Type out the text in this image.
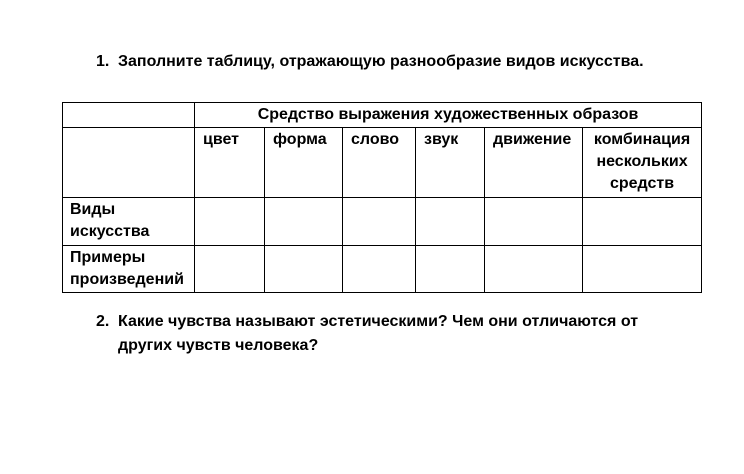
1. Заполните таблицу, отражающую разнообразие видов искусства.
	Средство выражения художественных образов					
	цвет	форма	слово	звук	движение	комбинация нескольких средств
Виды искусства						
Примеры произведений						
2. Какие чувства называют эстетическими? Чем они отличаются от других чувств человека?
